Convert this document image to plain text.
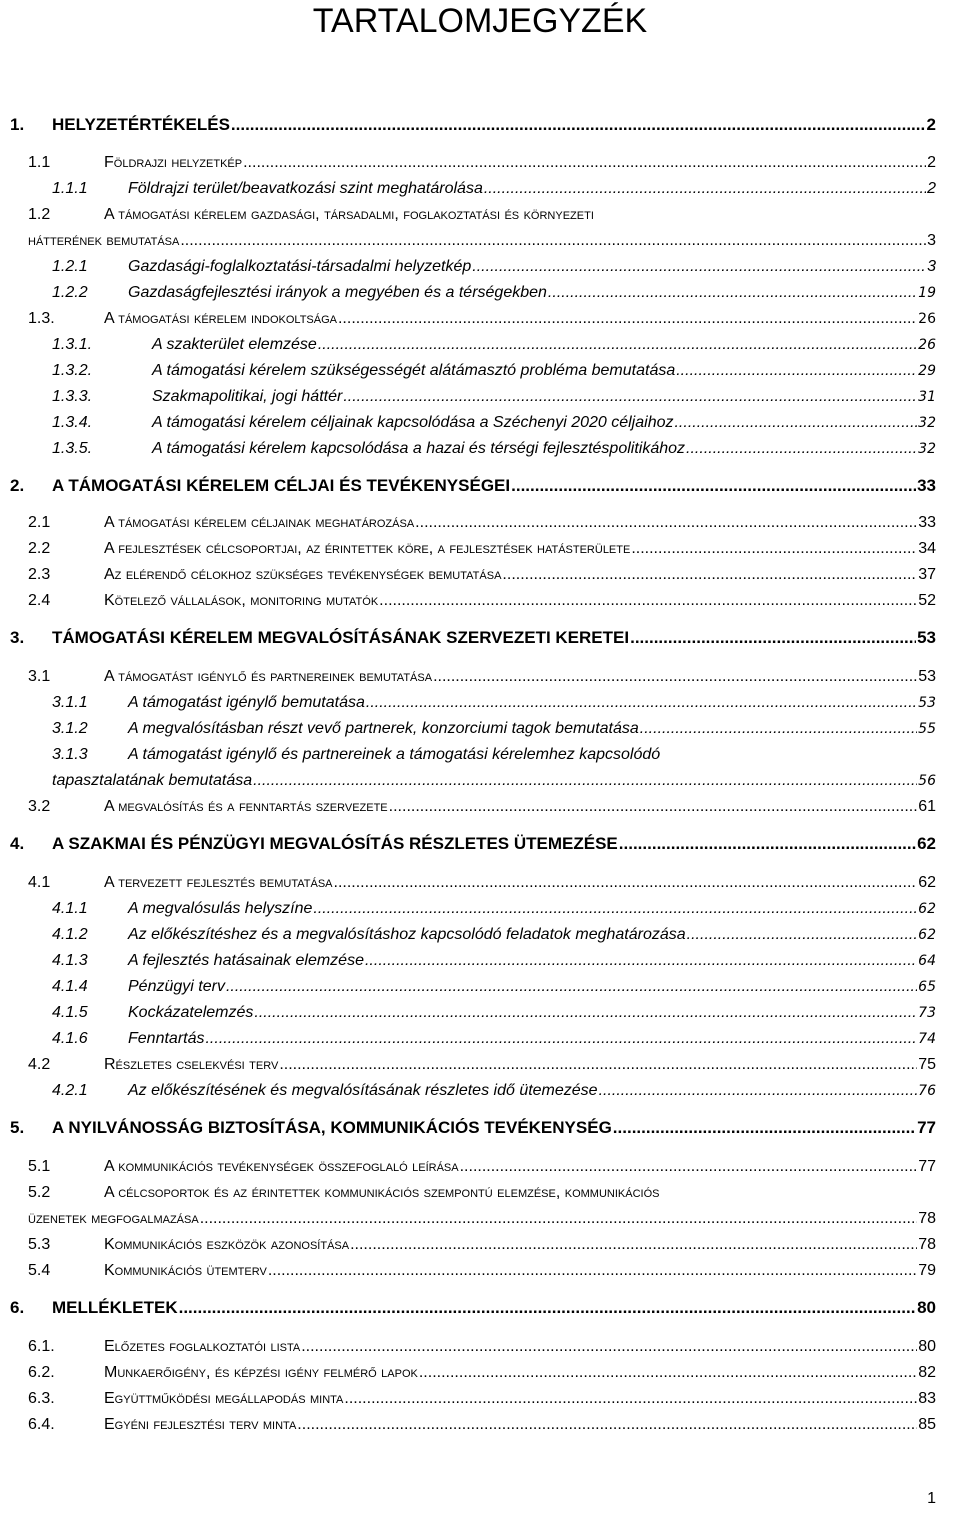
TARTALOMJEGYZÉK
1.	HELYZETÉRTÉKELÉS .....	2
1.1	Földrajzi helyzetkép .....	2
1.1.1	Földrajzi terület/beavatkozási szint meghatárolása .....	2
1.2	A támogatási kérelem gazdasági, társadalmi, foglakoztatási és környezeti
hátterének bemutatása .....	3
1.2.1	Gazdasági-foglalkoztatási-társadalmi helyzetkép .....	3
1.2.2	Gazdaságfejlesztési irányok a megyében és a térségekben .....	19
1.3.	A támogatási kérelem indokoltsága .....	26
1.3.1.	A szakterület elemzése .....	26
1.3.2.	A támogatási kérelem szükségességét alátámasztó probléma bemutatása .....	29
1.3.3.	Szakmapolitikai, jogi háttér .....	31
1.3.4.	A támogatási kérelem céljainak kapcsolódása a Széchenyi 2020 céljaihoz .....	32
1.3.5.	A támogatási kérelem kapcsolódása a hazai és térségi fejlesztéspolitikához .....	32
2.	A TÁMOGATÁSI KÉRELEM CÉLJAI ÉS TEVÉKENYSÉGEI .....	33
2.1	A támogatási kérelem céljainak meghatározása .....	33
2.2	A fejlesztések célcsoportjai, az érintettek köre, a fejlesztések hatásterülete .....	34
2.3	Az elérendő célokhoz szükséges tevékenységek bemutatása .....	37
2.4	Kötelező vállalások, monitoring mutatók .....	52
3.	TÁMOGATÁSI KÉRELEM MEGVALÓSÍTÁSÁNAK SZERVEZETI KERETEI .....	53
3.1	A támogatást igénylő és partnereinek bemutatása .....	53
3.1.1	A támogatást igénylő bemutatása .....	53
3.1.2	A megvalósításban részt vevő partnerek, konzorciumi tagok bemutatása .....	55
3.1.3	A támogatást igénylő és partnereinek a támogatási kérelemhez kapcsolódó
tapasztalatának bemutatása .....	56
3.2	A megvalósítás és a fenntartás szervezete .....	61
4.	A SZAKMAI ÉS PÉNZÜGYI MEGVALÓSÍTÁS RÉSZLETES ÜTEMEZÉSE .....	62
4.1	A tervezett fejlesztés bemutatása .....	62
4.1.1	A megvalósulás helyszíne .....	62
4.1.2	Az előkészítéshez és a megvalósításhoz kapcsolódó feladatok meghatározása .....	62
4.1.3	A fejlesztés hatásainak elemzése .....	64
4.1.4	Pénzügyi terv .....	65
4.1.5	Kockázatelemzés .....	73
4.1.6	Fenntartás .....	74
4.2	Részletes cselekvési terv .....	75
4.2.1	Az előkészítésének és megvalósításának részletes idő ütemezése .....	76
5.	A NYILVÁNOSSÁG BIZTOSÍTÁSA, KOMMUNIKÁCIÓS TEVÉKENYSÉG .....	77
5.1	A kommunikációs tevékenységek összefoglaló leírása .....	77
5.2	A célcsoportok és az érintettek kommunikációs szempontú elemzése, kommunikációs
üzenetek megfogalmazása .....	78
5.3	Kommunikációs eszközök azonosítása .....	78
5.4	Kommunikációs ütemterv .....	79
6.	MELLÉKLETEK .....	80
6.1.	Előzetes foglalkoztatói lista .....	80
6.2.	Munkaerőigény, és képzési igény felmérő lapok .....	82
6.3.	Együttműködési megállapodás minta .....	83
6.4.	Egyéni fejlesztési terv minta .....	85
1
